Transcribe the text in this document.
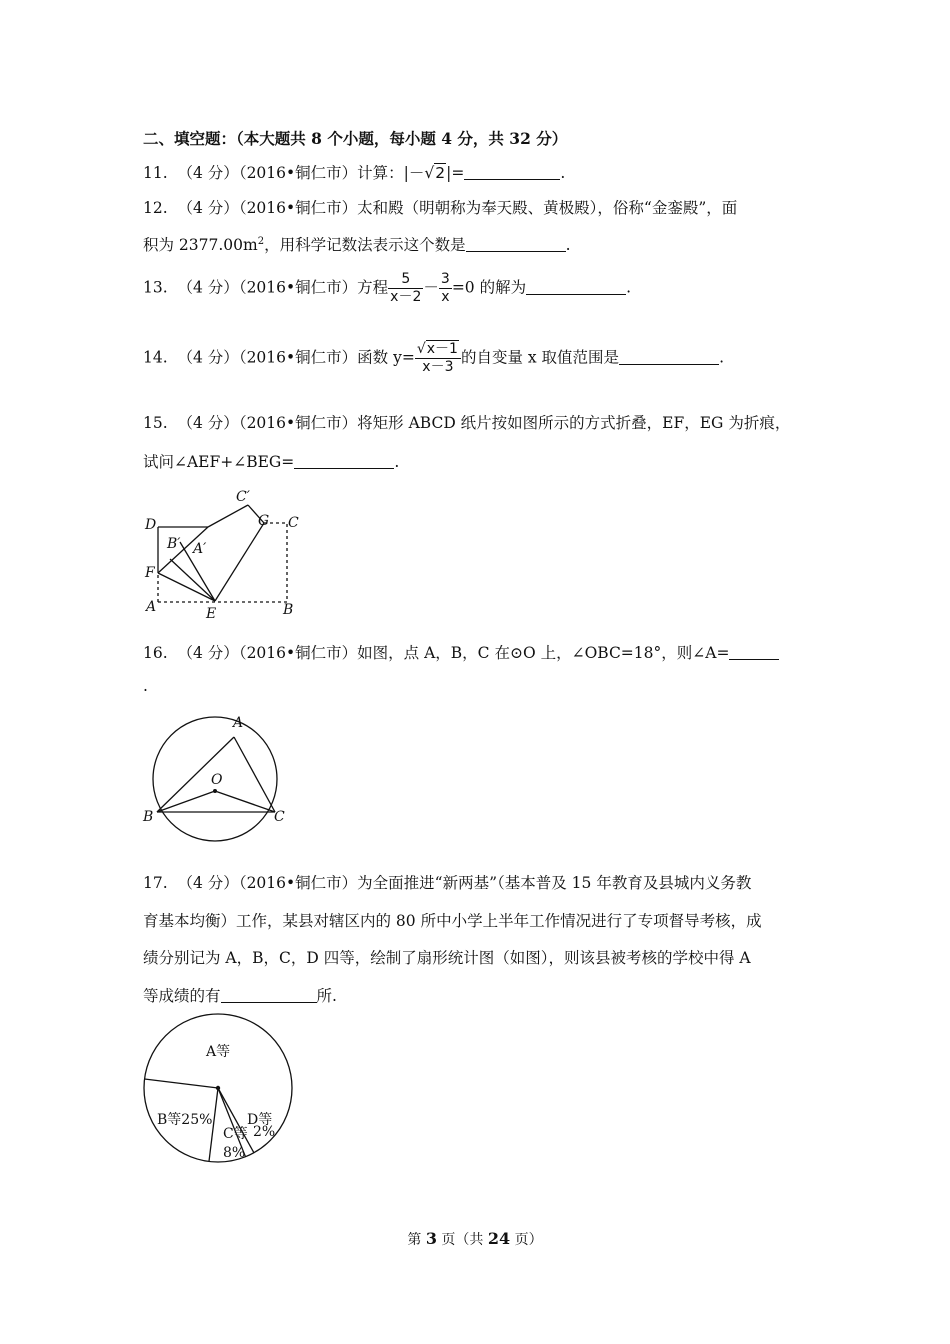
二、填空题：（本大题共 8 个小题，每小题 4 分，共 32 分）
11. （4 分）（2016•铜仁市）计算：|－√2|=	.
12. （4 分）（2016•铜仁市）太和殿（明朝称为奉天殿、黄极殿），俗称“金銮殿”，面
积为 $2377.00m^2$，用科学记数法表示这个数是	.
13. （4 分）（2016•铜仁市）方程 $\frac{5}{x-2} - \frac{3}{x} =0$ 的解为	.
14. （4 分）（2016•铜仁市）函数 $y= \frac{√x-1}{x-3}$ 的自变量 x 取值范围是	.
15. （4 分）（2016•铜仁市）将矩形 ABCD 纸片按如图所示的方式折叠，EF，EG 为折痕，
试问∠AEF+∠BEG=	.
C′
D	G C
B′ A′
F
A	E	B
16. （4 分）（2016•铜仁市）如图，点 A，B，C 在⊙O 上，∠OBC=18°，则∠A=
.
A
O
B	C
17. （4 分）（2016•铜仁市）为全面推进“新两基”（基本普及 15 年教育及县城内义务教
育基本均衡）工作，某县对辖区内的 80 所中小学上半年工作情况进行了专项督导考核，成
绩分别记为 A，B，C，D 四等，绘制了扇形统计图（如图），则该县被考核的学校中得 A
等成绩的有	所.
A等
B等25%
C等
8%
D等
2%
第 3 页（共 24 页）
